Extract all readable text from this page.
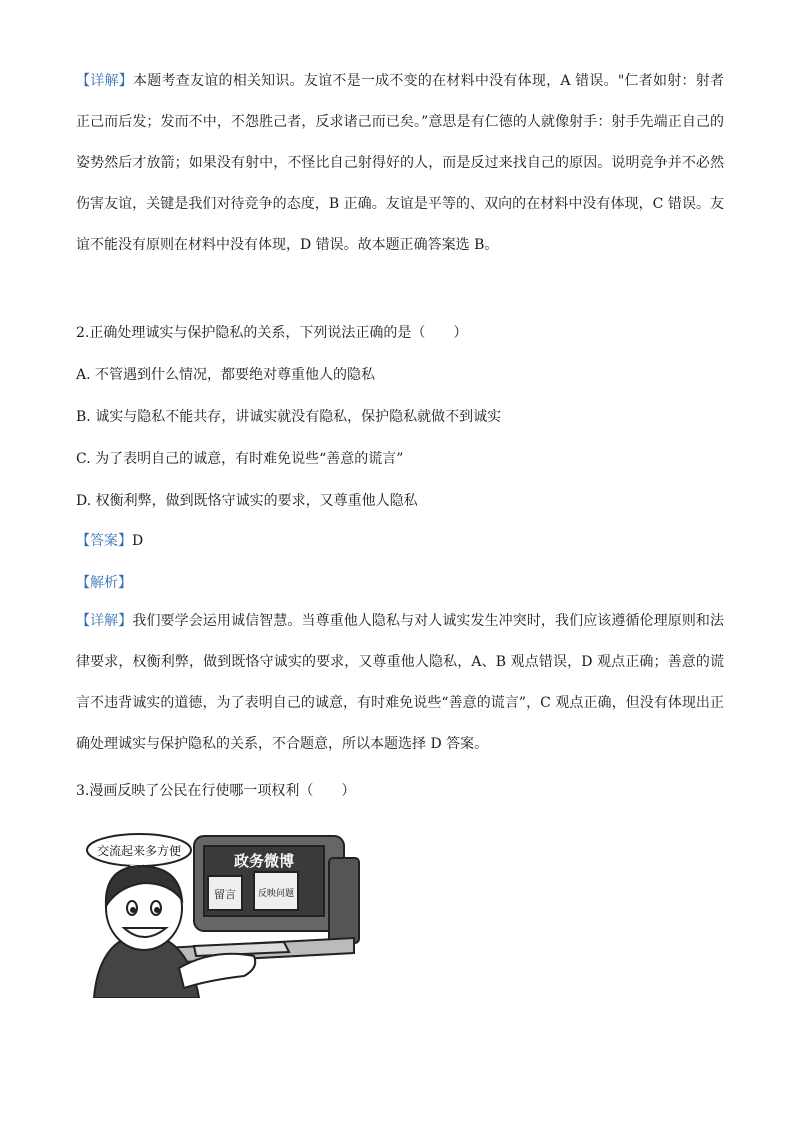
【详解】本题考查友谊的相关知识。友谊不是一成不变的在材料中没有体现，A 错误。"仁者如射：射者正己而后发；发而不中，不怨胜己者，反求诸己而已矣。”意思是有仁德的人就像射手：射手先端正自己的姿势然后才放箭；如果没有射中，不怪比自己射得好的人，而是反过来找自己的原因。说明竞争并不必然伤害友谊，关键是我们对待竞争的态度，B 正确。友谊是平等的、双向的在材料中没有体现，C 错误。友谊不能没有原则在材料中没有体现，D 错误。故本题正确答案选 B。

2.正确处理诚实与保护隐私的关系，下列说法正确的是（　　）

A. 不管遇到什么情况，都要绝对尊重他人的隐私

B. 诚实与隐私不能共存，讲诚实就没有隐私，保护隐私就做不到诚实

C. 为了表明自己的诚意，有时难免说些“善意的谎言”

D. 权衡利弊，做到既恪守诚实的要求，又尊重他人隐私

【答案】D

【解析】

【详解】我们要学会运用诚信智慧。当尊重他人隐私与对人诚实发生冲突时，我们应该遵循伦理原则和法律要求，权衡利弊，做到既恪守诚实的要求，又尊重他人隐私，A、B 观点错误，D 观点正确；善意的谎言不违背诚实的道德，为了表明自己的诚意，有时难免说些“善意的谎言”，C 观点正确，但没有体现出正确处理诚实与保护隐私的关系，不合题意，所以本题选择 D 答案。

3.漫画反映了公民在行使哪一项权利（　　）

交流起来多方便
政务微博
留言 反映问题
